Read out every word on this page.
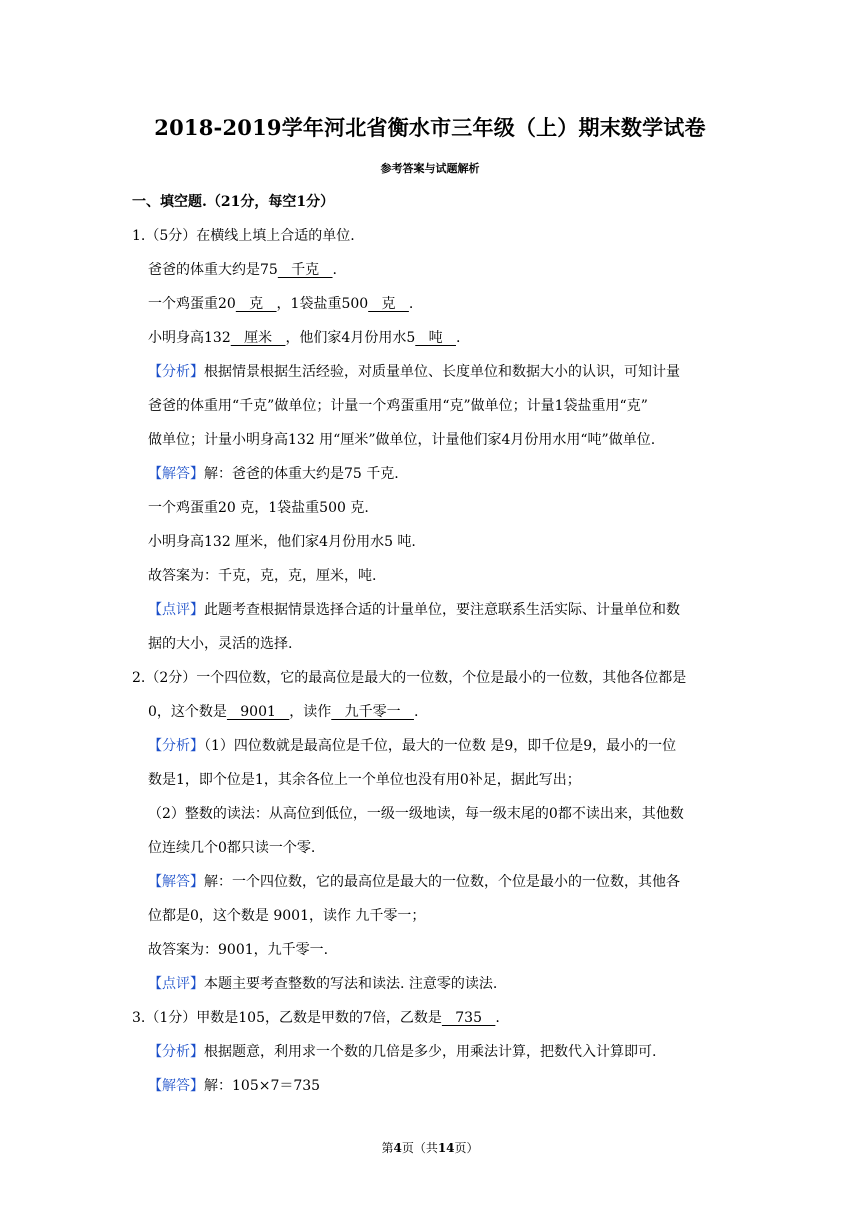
2018-2019学年河北省衡水市三年级（上）期末数学试卷
参考答案与试题解析
一、填空题.（21分，每空1分）
1.（5分）在横线上填上合适的单位.
爸爸的体重大约是75   千克   .
一个鸡蛋重20   克   ，1袋盐重500   克   .
小明身高132   厘米   ，他们家4月份用水5   吨   .
【分析】根据情景根据生活经验，对质量单位、长度单位和数据大小的认识，可知计量
爸爸的体重用“千克”做单位；计量一个鸡蛋重用“克”做单位；计量1袋盐重用“克”
做单位；计量小明身高132 用“厘米”做单位，计量他们家4月份用水用“吨”做单位.
【解答】解：爸爸的体重大约是75 千克.
一个鸡蛋重20 克，1袋盐重500 克.
小明身高132 厘米，他们家4月份用水5 吨.
故答案为：千克，克，克，厘米，吨.
【点评】此题考查根据情景选择合适的计量单位，要注意联系生活实际、计量单位和数
据的大小，灵活的选择.
2.（2分）一个四位数，它的最高位是最大的一位数，个位是最小的一位数，其他各位都是
0，这个数是   9001   ，读作   九千零一   .
【分析】（1）四位数就是最高位是千位，最大的一位数 是9，即千位是9，最小的一位
数是1，即个位是1，其余各位上一个单位也没有用0补足，据此写出；
（2）整数的读法：从高位到低位，一级一级地读，每一级末尾的0都不读出来，其他数
位连续几个0都只读一个零.
【解答】解：一个四位数，它的最高位是最大的一位数，个位是最小的一位数，其他各
位都是0，这个数是 9001，读作 九千零一；
故答案为：9001，九千零一.
【点评】本题主要考查整数的写法和读法. 注意零的读法.
3.（1分）甲数是105，乙数是甲数的7倍，乙数是   735   .
【分析】根据题意，利用求一个数的几倍是多少，用乘法计算，把数代入计算即可.
【解答】解：105×7＝735
第4页（共14页）
